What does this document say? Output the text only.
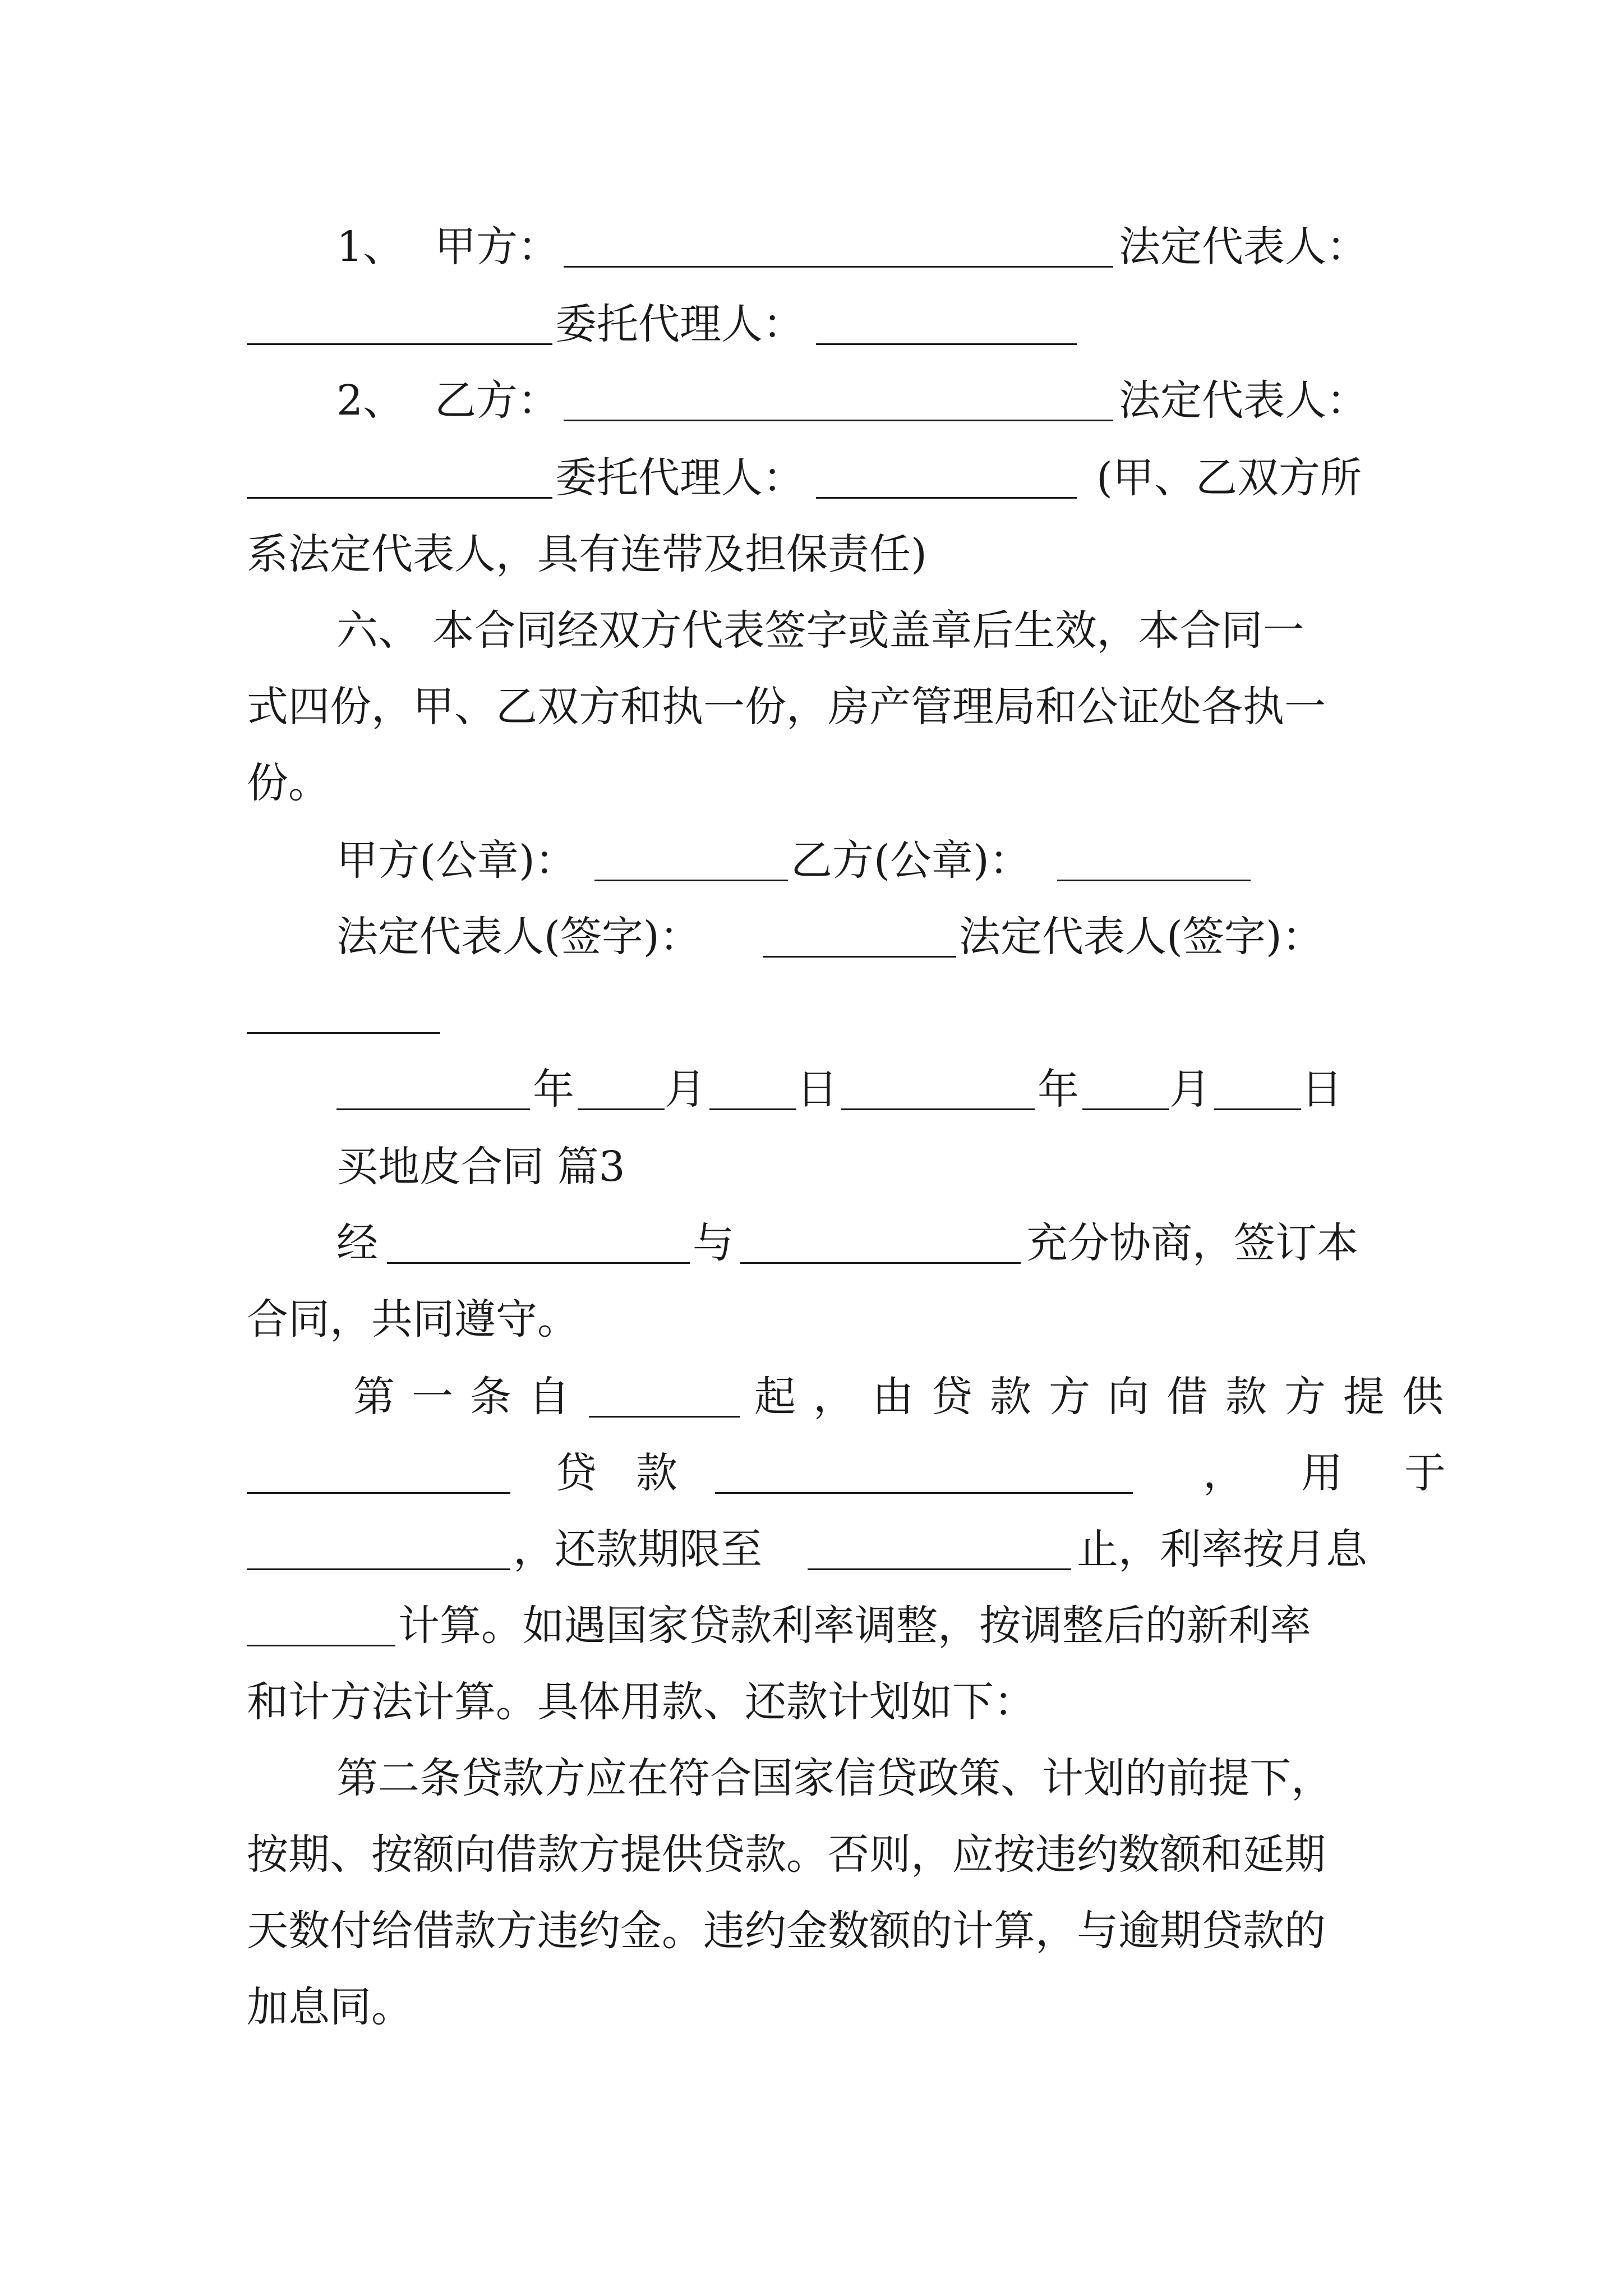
1、 甲方：	法定代表人：
委托代理人：
2、 乙方：	法定代表人：
委托代理人：	(甲、乙双方所
系法定代表人，具有连带及担保责任)
六、 本合同经双方代表签字或盖章后生效，本合同一
式四份，甲、乙双方和执一份，房产管理局和公证处各执一
份。
甲方(公章)：	乙方(公章)：
法定代表人(签字)：	法定代表人(签字)：
年 月 日	年 月 日
买地皮合同 篇3
经	与	充分协商，签订本
合同，共同遵守。
第一条自	起，由贷款方向借款方提供
贷款	， 用于
，还款期限至	止，利率按月息
计算。如遇国家贷款利率调整，按调整后的新利率
和计方法计算。具体用款、还款计划如下：
第二条贷款方应在符合国家信贷政策、计划的前提下，
按期、按额向借款方提供贷款。否则，应按违约数额和延期
天数付给借款方违约金。违约金数额的计算，与逾期贷款的
加息同。
